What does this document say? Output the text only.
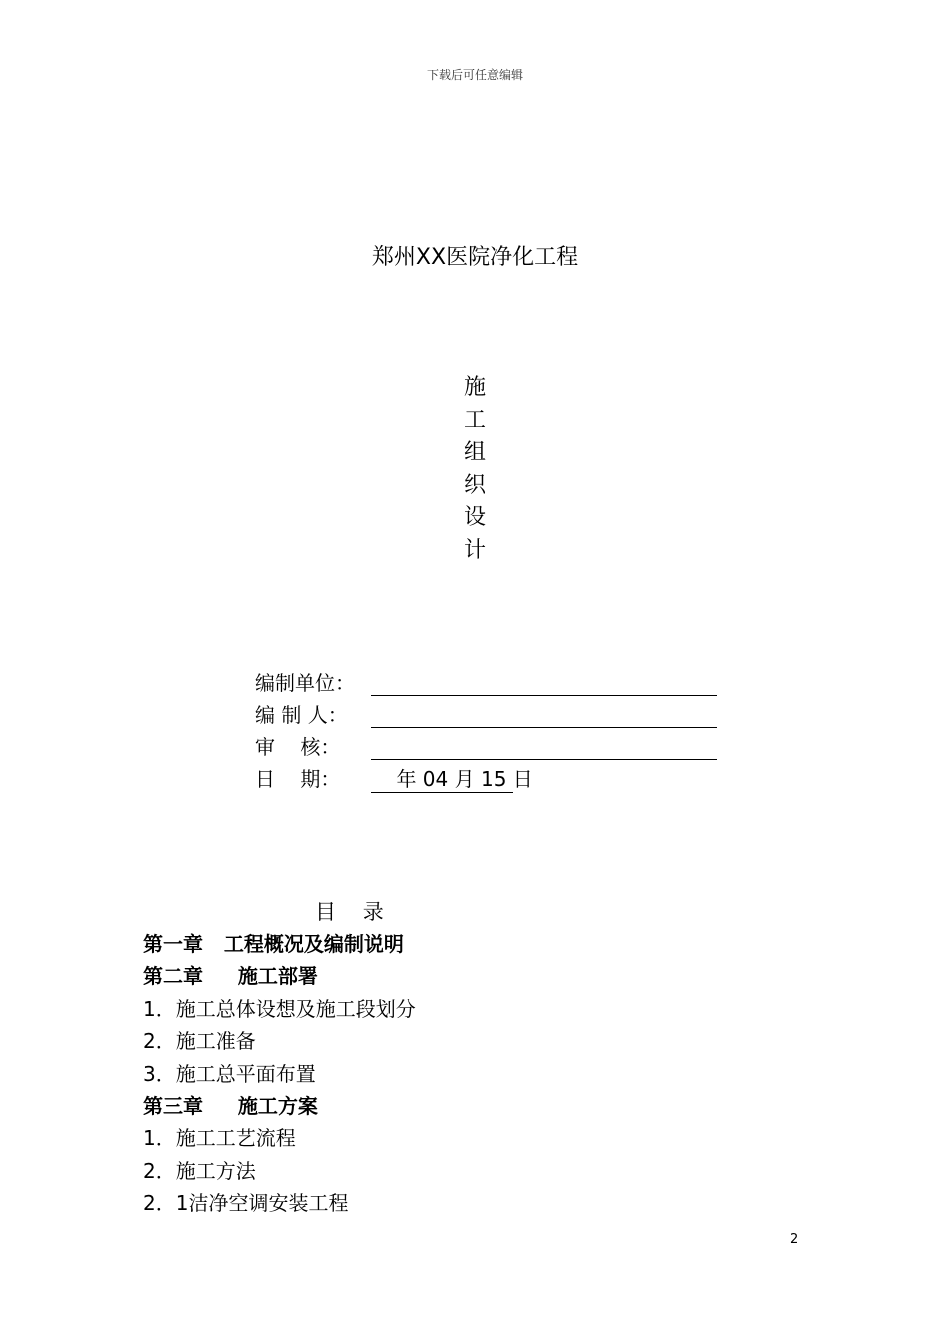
下载后可任意编辑
郑州XX医院净化工程
施
工
组
织
设
计
编制单位：
编 制 人：
审    核：
日    期：	年 04 月 15 日
目    录
第一章   工程概况及编制说明
第二章     施工部署
1．施工总体设想及施工段划分
2．施工准备
3．施工总平面布置
第三章     施工方案
1．施工工艺流程
2．施工方法
2．1洁净空调安装工程
2
